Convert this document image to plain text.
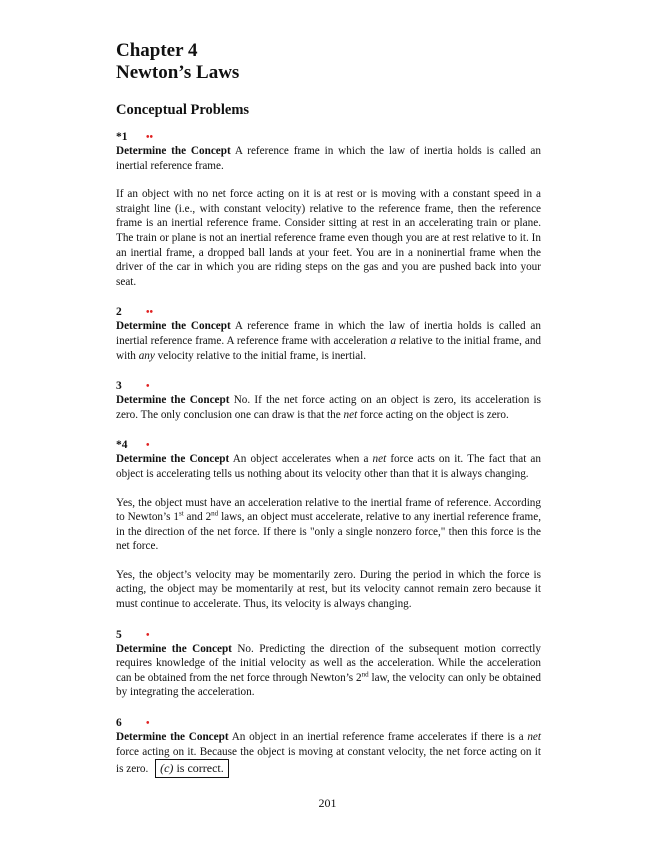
Chapter 4
Newton’s Laws
Conceptual Problems
*1 ••

Determine the Concept A reference frame in which the law of inertia holds is called an inertial reference frame.

If an object with no net force acting on it is at rest or is moving with a constant speed in a straight line (i.e., with constant velocity) relative to the reference frame, then the reference frame is an inertial reference frame. Consider sitting at rest in an accelerating train or plane. The train or plane is not an inertial reference frame even though you are at rest relative to it. In an inertial frame, a dropped ball lands at your feet. You are in a noninertial frame when the driver of the car in which you are riding steps on the gas and you are pushed back into your seat.

2 ••

Determine the Concept A reference frame in which the law of inertia holds is called an inertial reference frame. A reference frame with acceleration a relative to the initial frame, and with any velocity relative to the initial frame, is inertial.

3 •

Determine the Concept No. If the net force acting on an object is zero, its acceleration is zero. The only conclusion one can draw is that the net force acting on the object is zero.

*4 •

Determine the Concept An object accelerates when a net force acts on it. The fact that an object is accelerating tells us nothing about its velocity other than that it is always changing.

Yes, the object must have an acceleration relative to the inertial frame of reference. According to Newton’s 1st and 2nd laws, an object must accelerate, relative to any inertial reference frame, in the direction of the net force. If there is "only a single nonzero force," then this force is the net force.

Yes, the object’s velocity may be momentarily zero. During the period in which the force is acting, the object may be momentarily at rest, but its velocity cannot remain zero because it must continue to accelerate. Thus, its velocity is always changing.

5 •

Determine the Concept No. Predicting the direction of the subsequent motion correctly requires knowledge of the initial velocity as well as the acceleration. While the acceleration can be obtained from the net force through Newton’s 2nd law, the velocity can only be obtained by integrating the acceleration.

6 •

Determine the Concept An object in an inertial reference frame accelerates if there is a net force acting on it. Because the object is moving at constant velocity, the net force acting on it is zero. (c) is correct.

201
